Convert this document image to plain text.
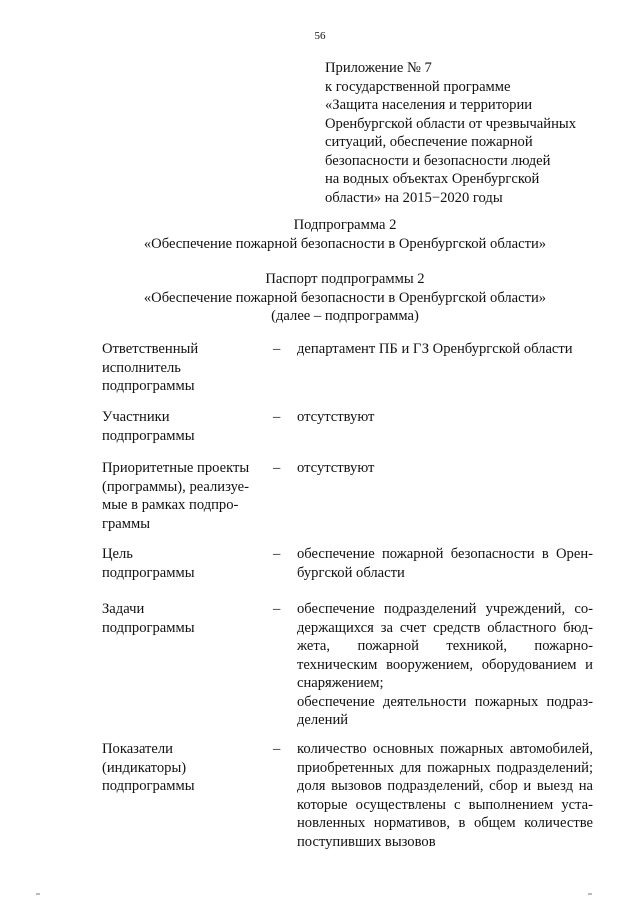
56
Приложение № 7
к государственной программе
«Защита населения и территории
Оренбургской области от чрезвычайных
ситуаций, обеспечение пожарной
безопасности и безопасности людей
на водных объектах Оренбургской
области» на 2015−2020 годы
Подпрограмма 2
«Обеспечение пожарной безопасности в Оренбургской области»
Паспорт подпрограммы 2
«Обеспечение пожарной безопасности в Оренбургской области»
(далее – подпрограмма)
Ответственный
исполнитель
подпрограммы
– департамент ПБ и ГЗ Оренбургской области
Участники
подпрограммы
– отсутствуют
Приоритетные проекты
(программы), реализуе-
мые в рамках подпро-
граммы
– отсутствуют
Цель
подпрограммы
– обеспечение пожарной безопасности в Орен-
бургской области
Задачи
подпрограммы
– обеспечение подразделений учреждений, со-
держащихся за счет средств областного бюд-
жета, пожарной техникой, пожарно-
техническим вооружением, оборудованием и
снаряжением;
обеспечение деятельности пожарных подраз-
делений
Показатели
(индикаторы)
подпрограммы
– количество основных пожарных автомобилей,
приобретенных для пожарных подразделений;
доля вызовов подразделений, сбор и выезд на
которые осуществлены с выполнением уста-
новленных нормативов, в общем количестве
поступивших вызовов
